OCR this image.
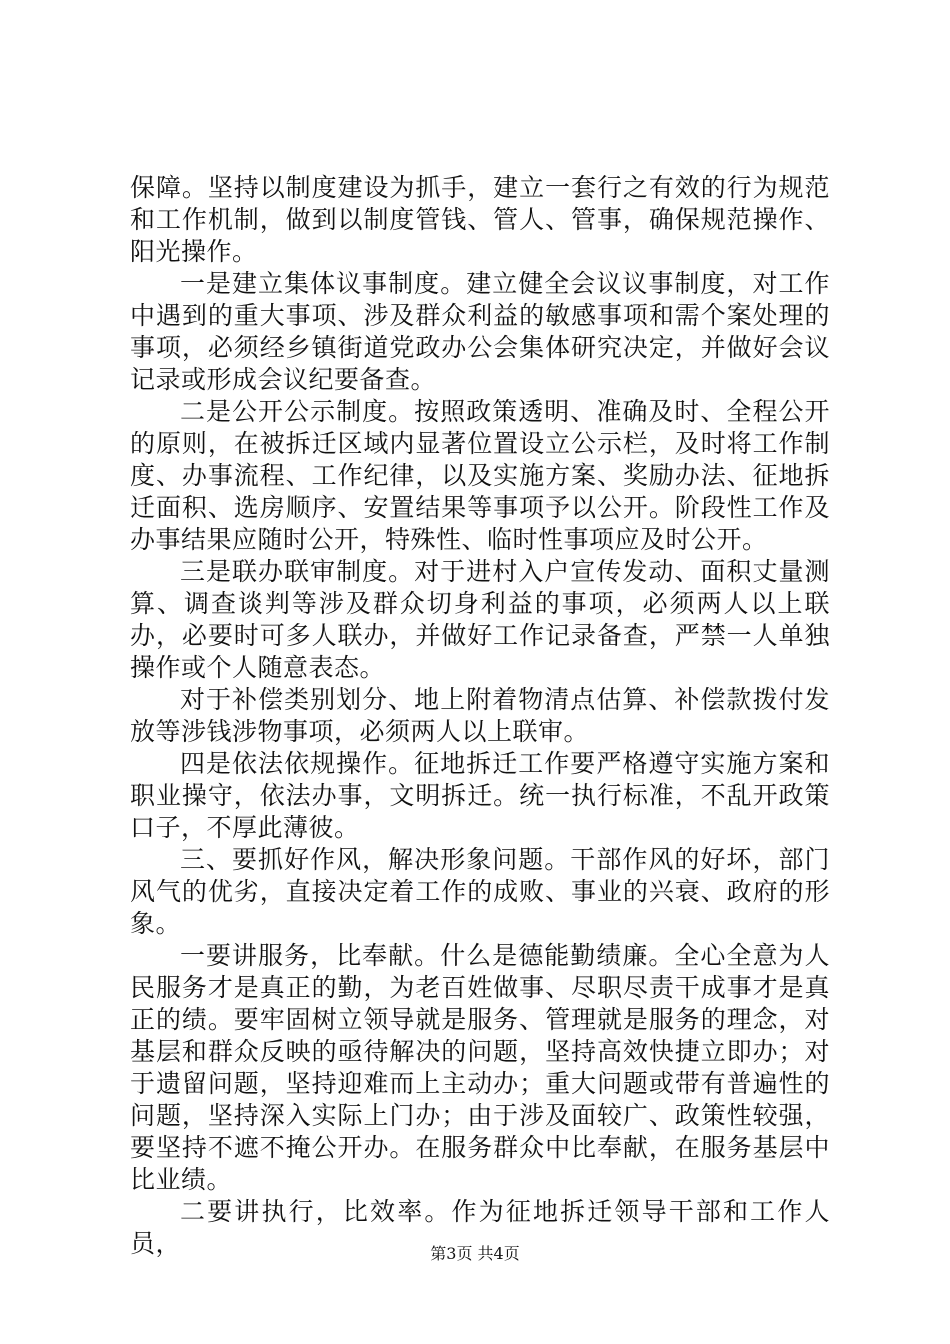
保障。坚持以制度建设为抓手，建立一套行之有效的行为规范和工作机制，做到以制度管钱、管人、管事，确保规范操作、阳光操作。

一是建立集体议事制度。建立健全会议议事制度，对工作中遇到的重大事项、涉及群众利益的敏感事项和需个案处理的事项，必须经乡镇街道党政办公会集体研究决定，并做好会议记录或形成会议纪要备查。

二是公开公示制度。按照政策透明、准确及时、全程公开的原则，在被拆迁区域内显著位置设立公示栏，及时将工作制度、办事流程、工作纪律，以及实施方案、奖励办法、征地拆迁面积、选房顺序、安置结果等事项予以公开。阶段性工作及办事结果应随时公开，特殊性、临时性事项应及时公开。

三是联办联审制度。对于进村入户宣传发动、面积丈量测算、调查谈判等涉及群众切身利益的事项，必须两人以上联办，必要时可多人联办，并做好工作记录备查，严禁一人单独操作或个人随意表态。

对于补偿类别划分、地上附着物清点估算、补偿款拨付发放等涉钱涉物事项，必须两人以上联审。

四是依法依规操作。征地拆迁工作要严格遵守实施方案和职业操守，依法办事，文明拆迁。统一执行标准，不乱开政策口子，不厚此薄彼。

三、要抓好作风，解决形象问题。干部作风的好坏，部门风气的优劣，直接决定着工作的成败、事业的兴衰、政府的形象。

一要讲服务，比奉献。什么是德能勤绩廉。全心全意为人民服务才是真正的勤，为老百姓做事、尽职尽责干成事才是真正的绩。要牢固树立领导就是服务、管理就是服务的理念，对基层和群众反映的亟待解决的问题，坚持高效快捷立即办；对于遗留问题，坚持迎难而上主动办；重大问题或带有普遍性的问题，坚持深入实际上门办；由于涉及面较广、政策性较强，要坚持不遮不掩公开办。在服务群众中比奉献，在服务基层中比业绩。

二要讲执行，比效率。作为征地拆迁领导干部和工作人员，	第3页 共4页
